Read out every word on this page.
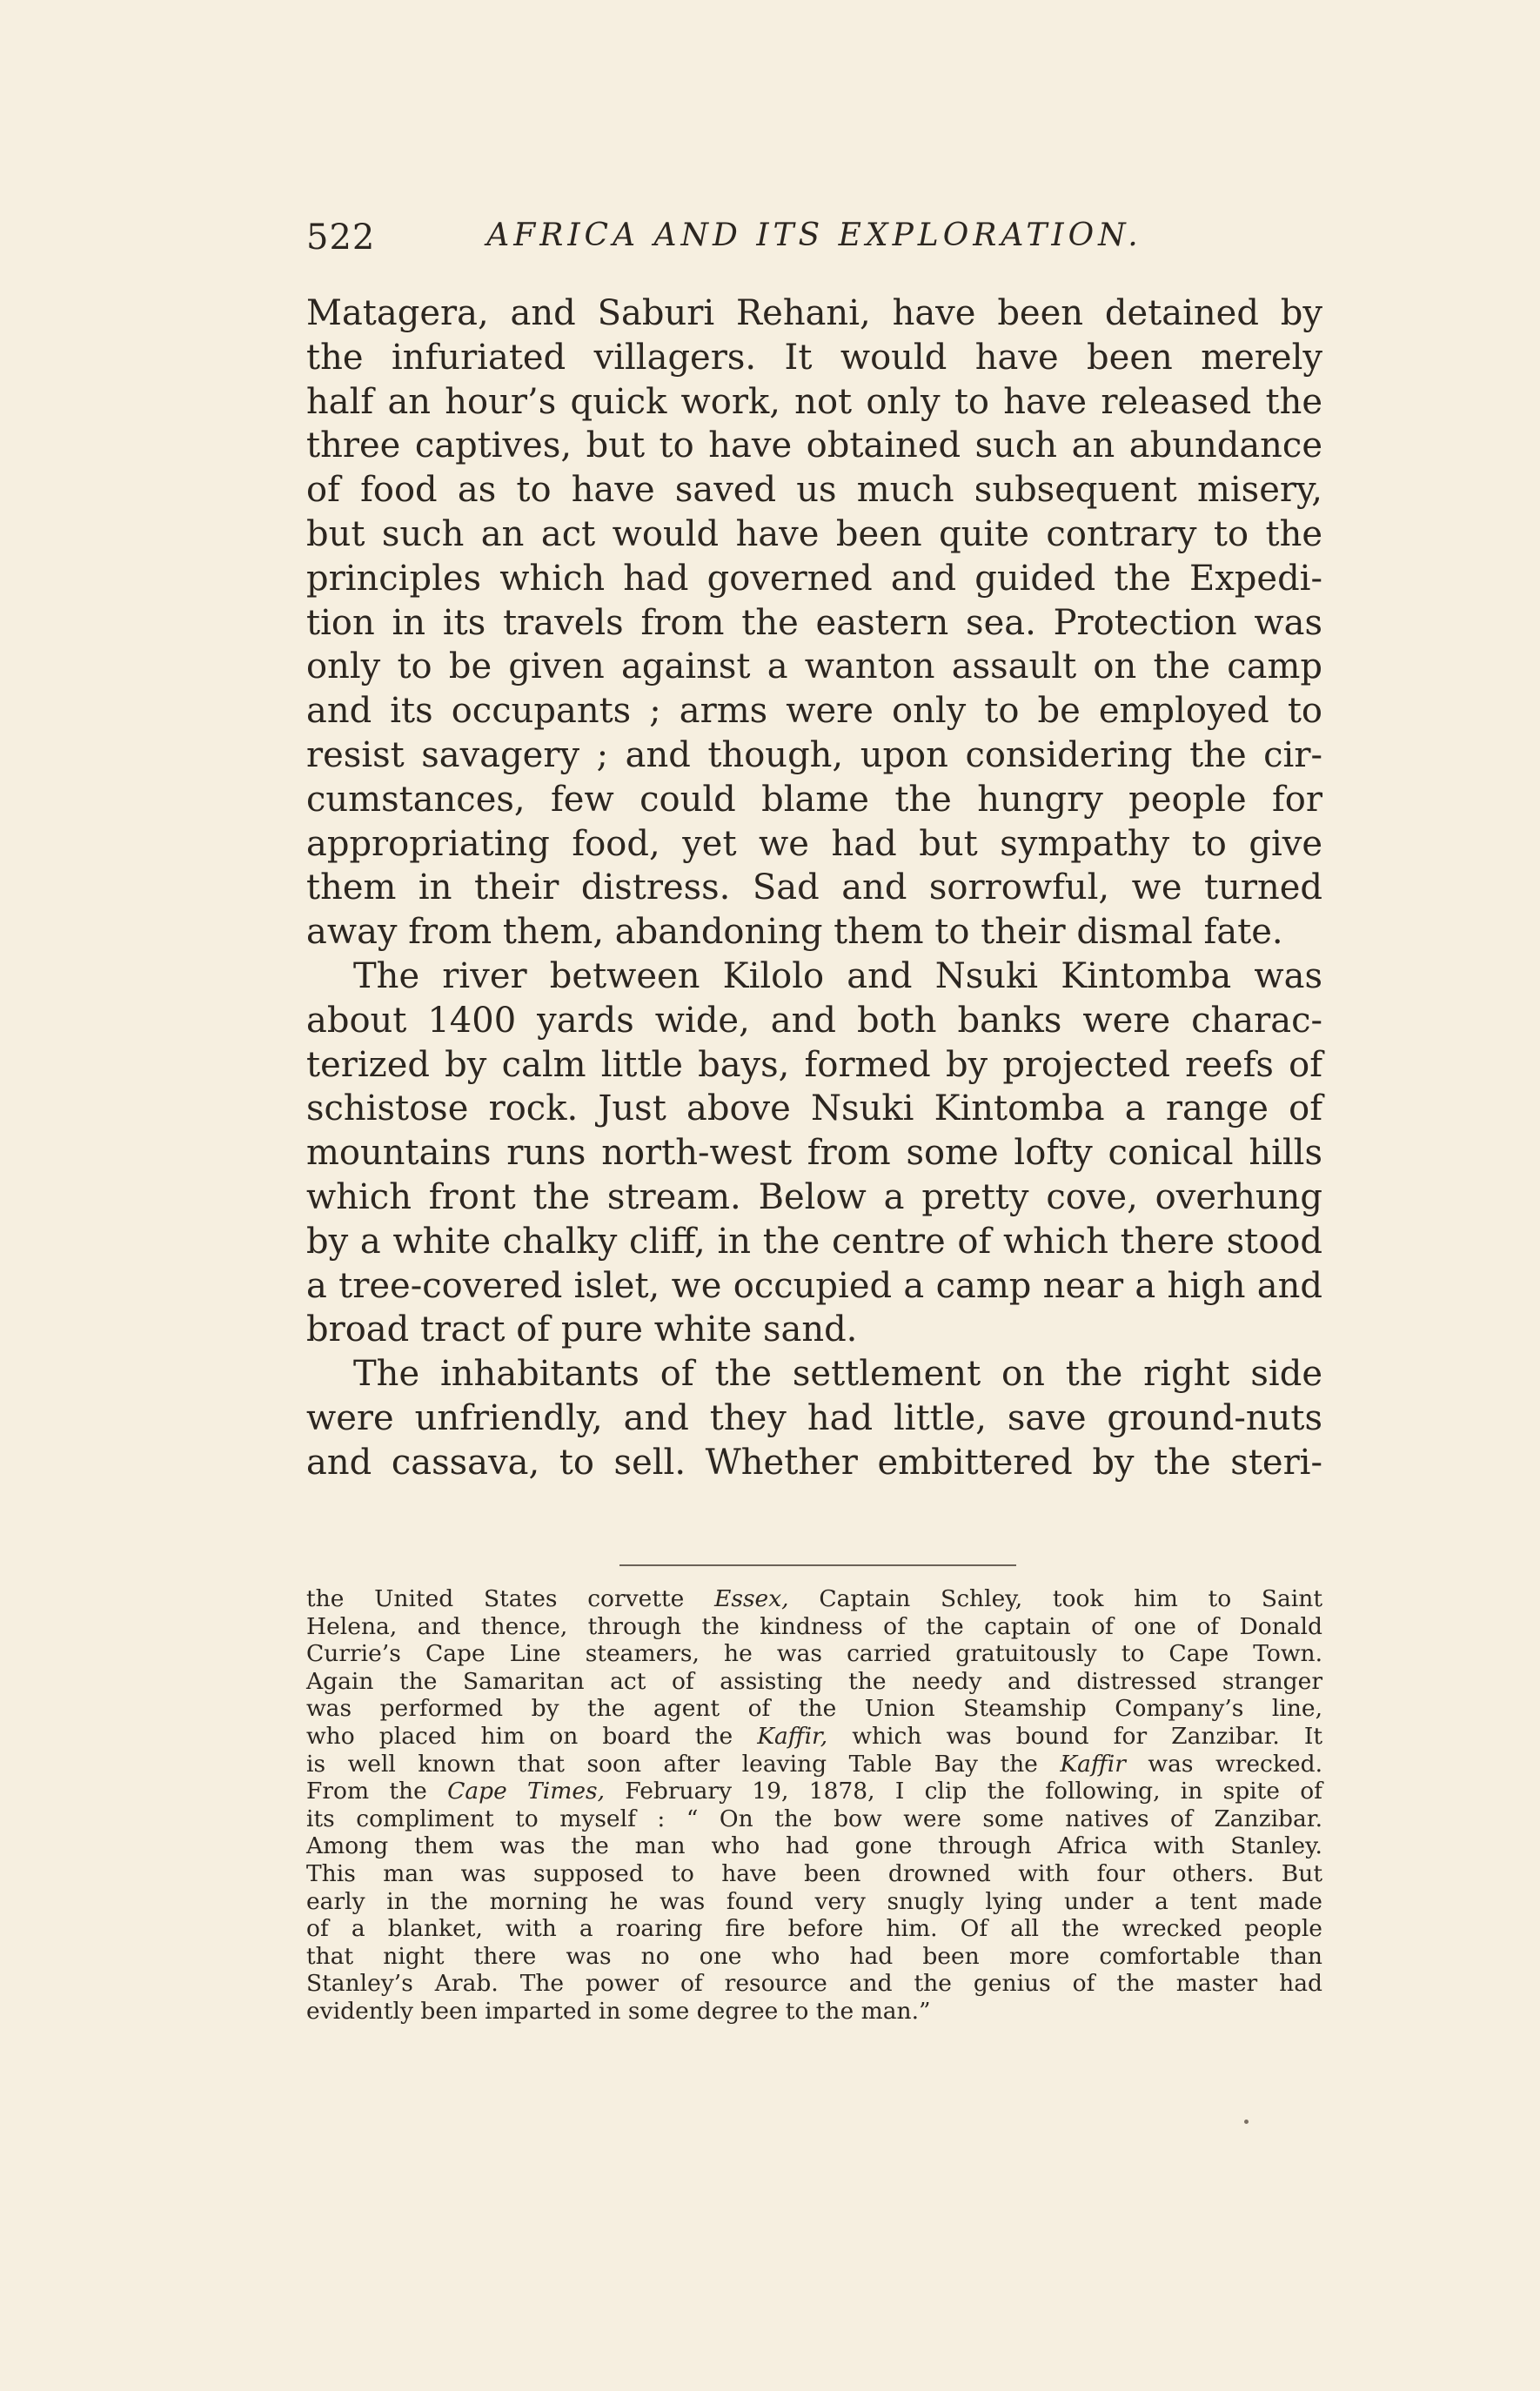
522	AFRICA AND ITS EXPLORATION.
Matagera, and Saburi Rehani, have been detained by
the infuriated villagers. It would have been merely
half an hour’s quick work, not only to have released the
three captives, but to have obtained such an abundance
of food as to have saved us much subsequent misery,
but such an act would have been quite contrary to the
principles which had governed and guided the Expedi-
tion in its travels from the eastern sea. Protection was
only to be given against a wanton assault on the camp
and its occupants ; arms were only to be employed to
resist savagery ; and though, upon considering the cir-
cumstances, few could blame the hungry people for
appropriating food, yet we had but sympathy to give
them in their distress. Sad and sorrowful, we turned
away from them, abandoning them to their dismal fate.
The river between Kilolo and Nsuki Kintomba was
about 1400 yards wide, and both banks were charac-
terized by calm little bays, formed by projected reefs of
schistose rock. Just above Nsuki Kintomba a range of
mountains runs north-west from some lofty conical hills
which front the stream. Below a pretty cove, overhung
by a white chalky cliff, in the centre of which there stood
a tree-covered islet, we occupied a camp near a high and
broad tract of pure white sand.
The inhabitants of the settlement on the right side
were unfriendly, and they had little, save ground-nuts
and cassava, to sell. Whether embittered by the steri-
the United States corvette Essex, Captain Schley, took him to Saint
Helena, and thence, through the kindness of the captain of one of Donald
Currie’s Cape Line steamers, he was carried gratuitously to Cape Town.
Again the Samaritan act of assisting the needy and distressed stranger
was performed by the agent of the Union Steamship Company’s line,
who placed him on board the Kaffir, which was bound for Zanzibar. It
is well known that soon after leaving Table Bay the Kaffir was wrecked.
From the Cape Times, February 19, 1878, I clip the following, in spite of
its compliment to myself : “ On the bow were some natives of Zanzibar.
Among them was the man who had gone through Africa with Stanley.
This man was supposed to have been drowned with four others. But
early in the morning he was found very snugly lying under a tent made
of a blanket, with a roaring fire before him. Of all the wrecked people
that night there was no one who had been more comfortable than
Stanley’s Arab. The power of resource and the genius of the master had
evidently been imparted in some degree to the man.”
